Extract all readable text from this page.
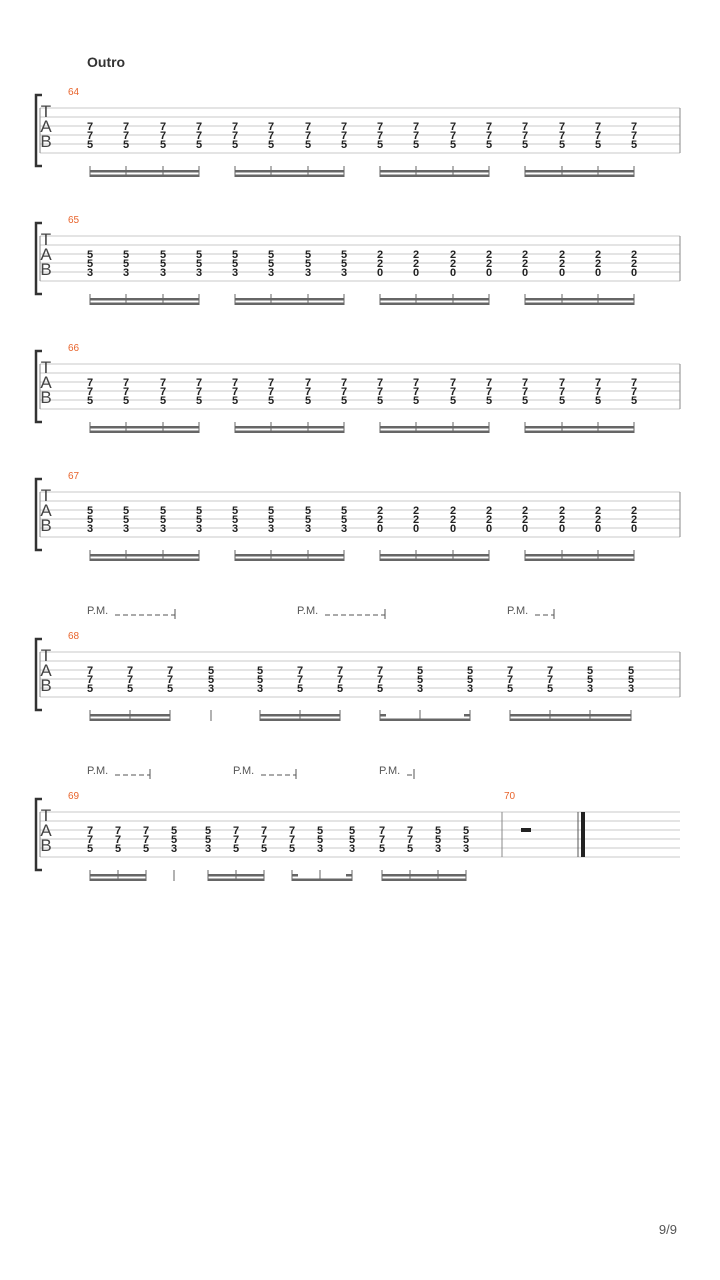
Outro
T
A
B
64
7
7
5
7
7
5
7
7
5
7
7
5
7
7
5
7
7
5
7
7
5
7
7
5
7
7
5
7
7
5
7
7
5
7
7
5
7
7
5
7
7
5
7
7
5
7
7
5
T
A
B
65
5
5
3
5
5
3
5
5
3
5
5
3
5
5
3
5
5
3
5
5
3
5
5
3
2
2
0
2
2
0
2
2
0
2
2
0
2
2
0
2
2
0
2
2
0
2
2
0
T
A
B
66
7
7
5
7
7
5
7
7
5
7
7
5
7
7
5
7
7
5
7
7
5
7
7
5
7
7
5
7
7
5
7
7
5
7
7
5
7
7
5
7
7
5
7
7
5
7
7
5
T
A
B
67
5
5
3
5
5
3
5
5
3
5
5
3
5
5
3
5
5
3
5
5
3
5
5
3
2
2
0
2
2
0
2
2
0
2
2
0
2
2
0
2
2
0
2
2
0
2
2
0
T
A
B
68
7
7
5
7
7
5
7
7
5
5
5
3
5
5
3
7
7
5
7
7
5
7
7
5
5
5
3
5
5
3
7
7
5
7
7
5
5
5
3
5
5
3
P.M.	P.M.	P.M.
T
A
B
69
7
7
5
7
7
5
7
7
5
5
5
3
5
5
3
7
7
5
7
7
5
7
7
5
5
5
3
5
5
3
7
7
5
7
7
5
5
5
3
5
5
3
70
P.M.	P.M.	P.M.
9/9
